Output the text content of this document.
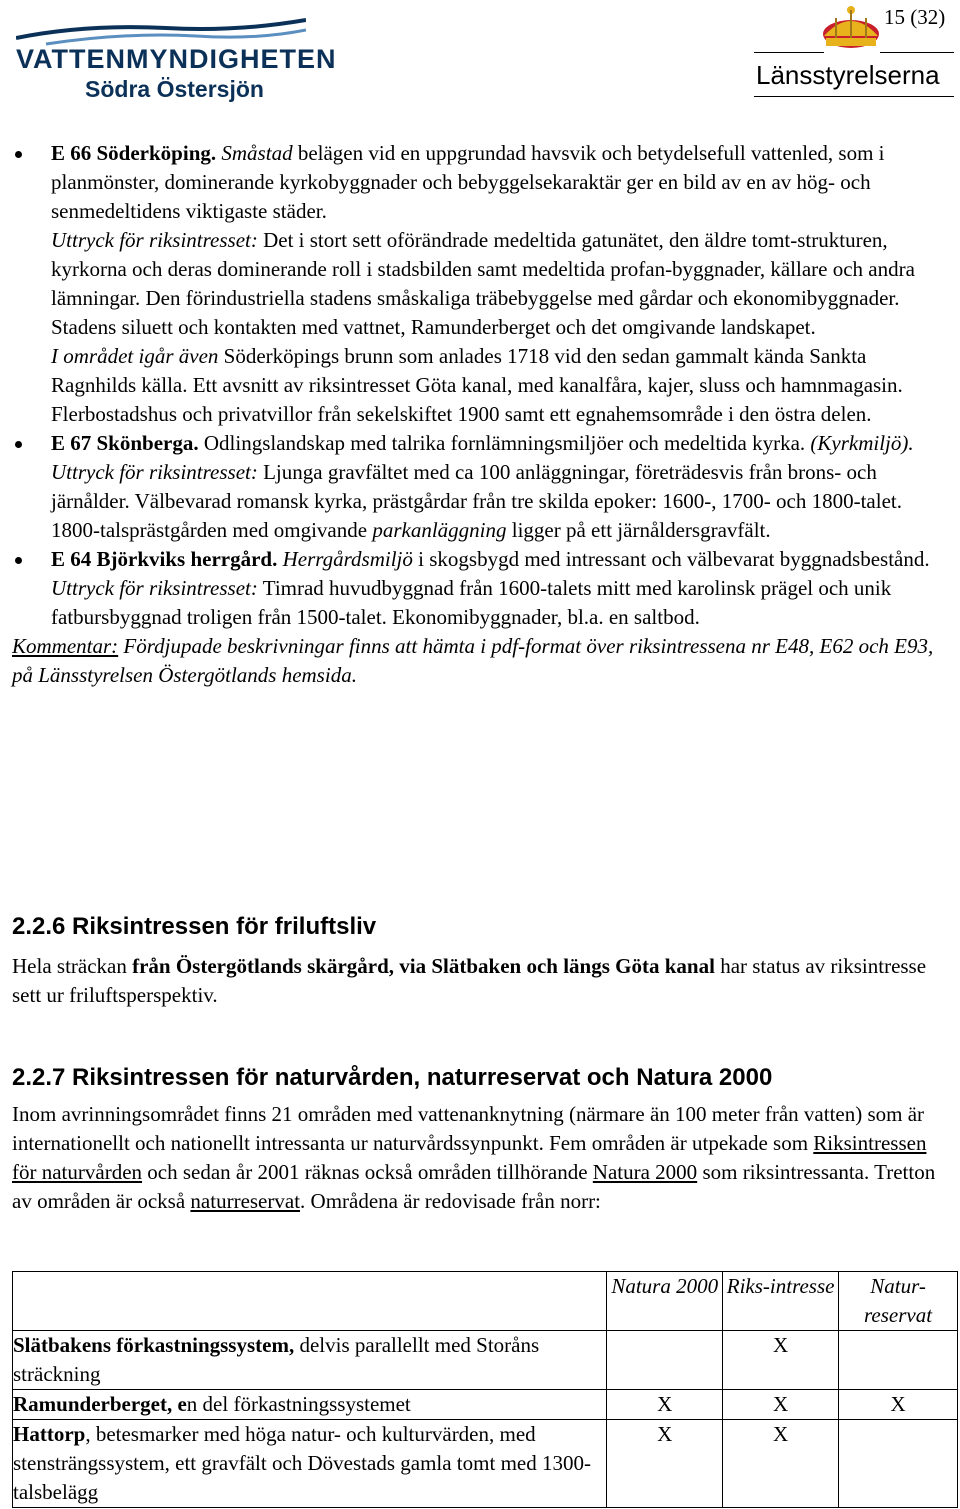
VATTENMYNDIGHETEN
Södra Östersjön	Länsstyrelserna
15 (32)
E 66 Söderköping. Småstad belägen vid en uppgrundad havsvik och betydelsefull vattenled, som i planmönster, dominerande kyrkobyggnader och bebyggelsekaraktär ger en bild av en av hög- och senmedeltidens viktigaste städer.
Uttryck för riksintresset: Det i stort sett oförändrade medeltida gatunätet, den äldre tomt-strukturen, kyrkorna och deras dominerande roll i stadsbilden samt medeltida profan-byggnader, källare och andra lämningar. Den förindustriella stadens småskaliga träbebyggelse med gårdar och ekonomibyggnader. Stadens siluett och kontakten med vattnet, Ramunderberget och det omgivande landskapet.
I området igår även Söderköpings brunn som anlades 1718 vid den sedan gammalt kända Sankta Ragnhilds källa. Ett avsnitt av riksintresset Göta kanal, med kanalfåra, kajer, sluss och hamnmagasin. Flerbostadshus och privatvillor från sekelskiftet 1900 samt ett egnahemsområde i den östra delen.
E 67 Skönberga. Odlingslandskap med talrika fornlämningsmiljöer och medeltida kyrka. (Kyrkmiljö).
Uttryck för riksintresset: Ljunga gravfältet med ca 100 anläggningar, företrädesvis från brons- och järnålder. Välbevarad romansk kyrka, prästgårdar från tre skilda epoker: 1600-, 1700- och 1800-talet. 1800-talsprästgården med omgivande parkanläggning ligger på ett järnåldersgravfält.
E 64 Björkviks herrgård. Herrgårdsmiljö i skogsbygd med intressant och välbevarat byggnadsbestånd.
Uttryck för riksintresset: Timrad huvudbyggnad från 1600-talets mitt med karolinsk prägel och unik fatbursbyggnad troligen från 1500-talet. Ekonomibyggnader, bl.a. en saltbod.
Kommentar: Fördjupade beskrivningar finns att hämta i pdf-format över riksintressena nr E48, E62 och E93, på Länsstyrelsen Östergötlands hemsida.
2.2.6 Riksintressen för friluftsliv
Hela sträckan från Östergötlands skärgård, via Slätbaken och längs Göta kanal har status av riksintresse sett ur friluftsperspektiv.
2.2.7 Riksintressen för naturvården, naturreservat och Natura 2000
Inom avrinningsområdet finns 21 områden med vattenanknytning (närmare än 100 meter från vatten) som är internationellt och nationellt intressanta ur naturvårdssynpunkt. Fem områden är utpekade som Riksintressen för naturvården och sedan år 2001 räknas också områden tillhörande Natura 2000 som riksintressanta. Tretton av områden är också naturreservat. Områdena är redovisade från norr:
	Natura 2000	Riks-intresse	Natur-reservat
Slätbakens förkastningssystem, delvis parallellt med Storåns sträckning		X	
Ramunderberget, en del förkastningssystemet	X	X	X
Hattorp, betesmarker med höga natur- och kulturvärden, med stensträngssystem, ett gravfält och Dövestads gamla tomt med 1300-talsbelägg	X	X	
